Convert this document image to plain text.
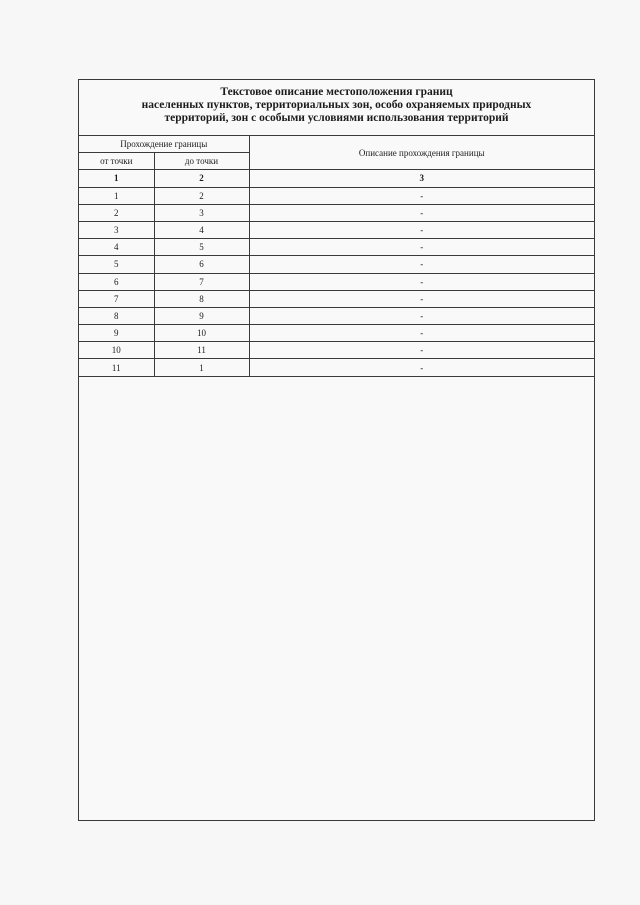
Текстовое описание местоположения границ
населенных пунктов, территориальных зон, особо охраняемых природных
территорий, зон с особыми условиями использования территорий
Прохождение границы		Описание прохождения границы
от точки	до точки	
1	2	3
1	2	-
2	3	-
3	4	-
4	5	-
5	6	-
6	7	-
7	8	-
8	9	-
9	10	-
10	11	-
11	1	-
